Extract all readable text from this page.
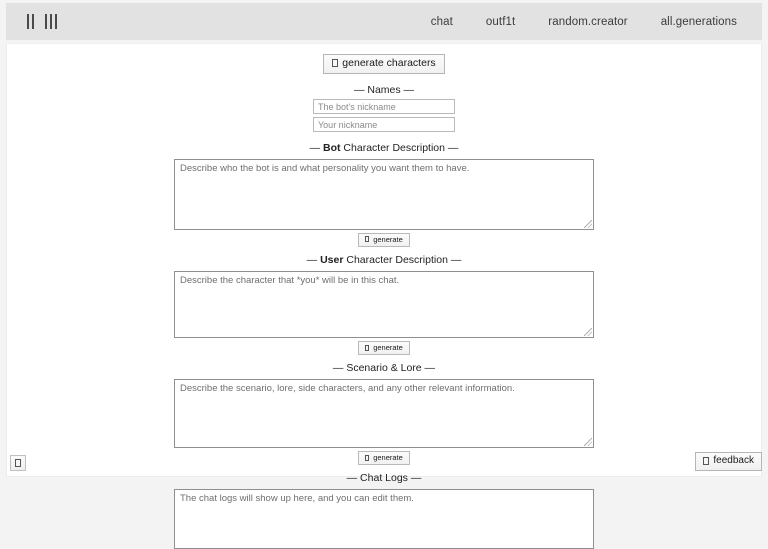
chat	outf1t	random.creator	all.generations
generate characters
— Names —
The bot's nickname
Your nickname
— Bot Character Description —
Describe who the bot is and what personality you want them to have.
generate
— User Character Description —
Describe the character that *you* will be in this chat.
generate
— Scenario & Lore —
Describe the scenario, lore, side characters, and any other relevant information.
generate
— Chat Logs —
The chat logs will show up here, and you can edit them.
feedback
